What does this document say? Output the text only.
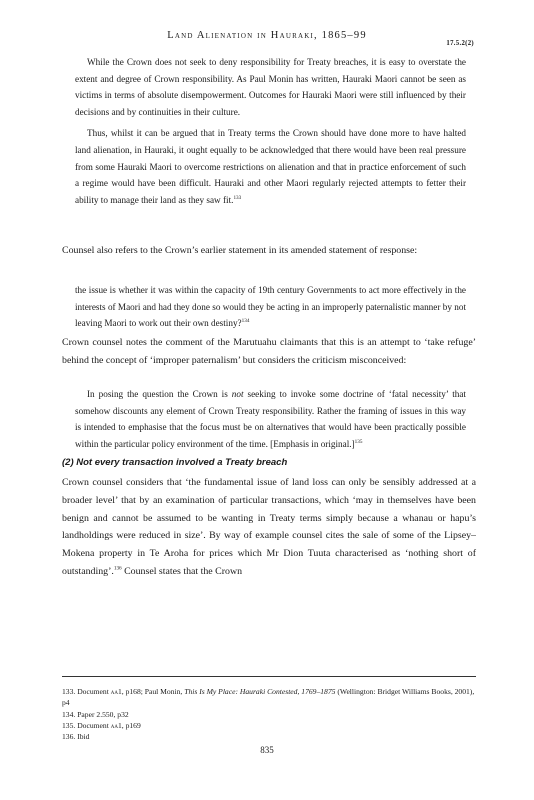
Land Alienation in Hauraki, 1865–99
17.5.2(2)

While the Crown does not seek to deny responsibility for Treaty breaches, it is easy to overstate the extent and degree of Crown responsibility. As Paul Monin has written, Hauraki Maori cannot be seen as victims in terms of absolute disempowerment. Outcomes for Hauraki Maori were still influenced by their decisions and by continuities in their culture.

Thus, whilst it can be argued that in Treaty terms the Crown should have done more to have halted land alienation, in Hauraki, it ought equally to be acknowledged that there would have been real pressure from some Hauraki Maori to overcome restrictions on alienation and that in practice enforcement of such a regime would have been difficult. Hauraki and other Maori regularly rejected attempts to fetter their ability to manage their land as they saw fit.$^{133}$

Counsel also refers to the Crown’s earlier statement in its amended statement of response:

the issue is whether it was within the capacity of 19th century Governments to act more effectively in the interests of Maori and had they done so would they be acting in an improperly paternalistic manner by not leaving Maori to work out their own destiny?$^{134}$

Crown counsel notes the comment of the Marutuahu claimants that this is an attempt to ‘take refuge’ behind the concept of ‘improper paternalism’ but considers the criticism misconceived:

In posing the question the Crown is not seeking to invoke some doctrine of ‘fatal necessity’ that somehow discounts any element of Crown Treaty responsibility. Rather the framing of issues in this way is intended to emphasise that the focus must be on alternatives that would have been practically possible within the particular policy environment of the time. [Emphasis in original.]$^{135}$

(2) Not every transaction involved a Treaty breach

Crown counsel considers that ‘the fundamental issue of land loss can only be sensibly addressed at a broader level’ that by an examination of particular transactions, which ‘may in themselves have been benign and cannot be assumed to be wanting in Treaty terms simply because a whanau or hapu’s landholdings were reduced in size’. By way of example counsel cites the sale of some of the Lipsey–Mokena property in Te Aroha for prices which Mr Dion Tuuta characterised as ‘nothing short of outstanding’.$^{136}$ Counsel states that the Crown

133. Document aa1, p168; Paul Monin, This Is My Place: Hauraki Contested, 1769–1875 (Wellington: Bridget Williams Books, 2001), p4
134. Paper 2.550, p32
135. Document aa1, p169
136. Ibid
835
